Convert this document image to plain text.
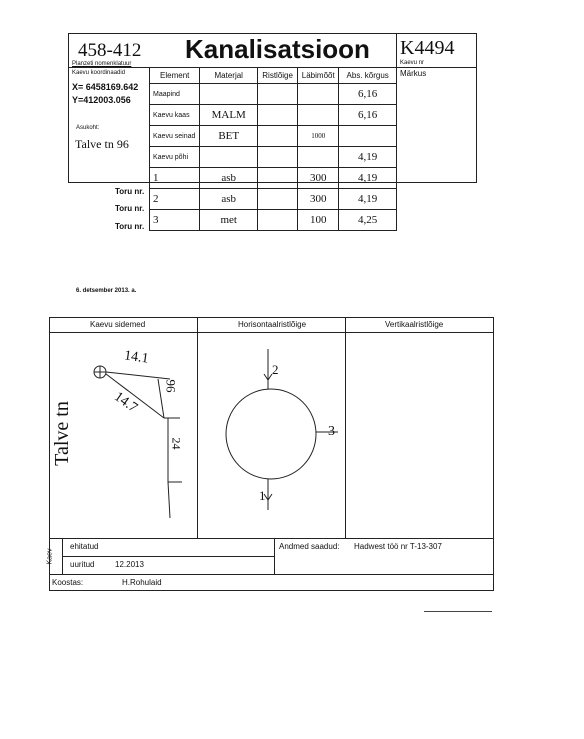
458-412
Planzeti nomenklatuur Kanalisatsioon K4494
Kaevu nr
Kaevu koordinaadid
X= 6458169.642
Y=412003.056
Asukoht:
Talve tn 96
Element	Materjal	Ristlõige	Läbimõõt	Abs. kõrgus
Maapind				6,16
Kaevu kaas	MALM			6,16
Kaevu seinad	BET		1000	
Kaevu põhi				4,19
1	asb		300	4,19
2	asb		300	4,19
3	met		100	4,25
Märkus
Toru nr.
Toru nr.
Toru nr.
6. detsember 2013. a.
Kaevu sidemed	Horisontaalristlõige	Vertikaalristlõige
14.1
14.7
96
24
Talve tn
2
3
1
Kaev
ehitatud
uuritud	12.2013
Andmed saadud: Hadwest töö nr T-13-307
Koostas:	H.Rohulaid
